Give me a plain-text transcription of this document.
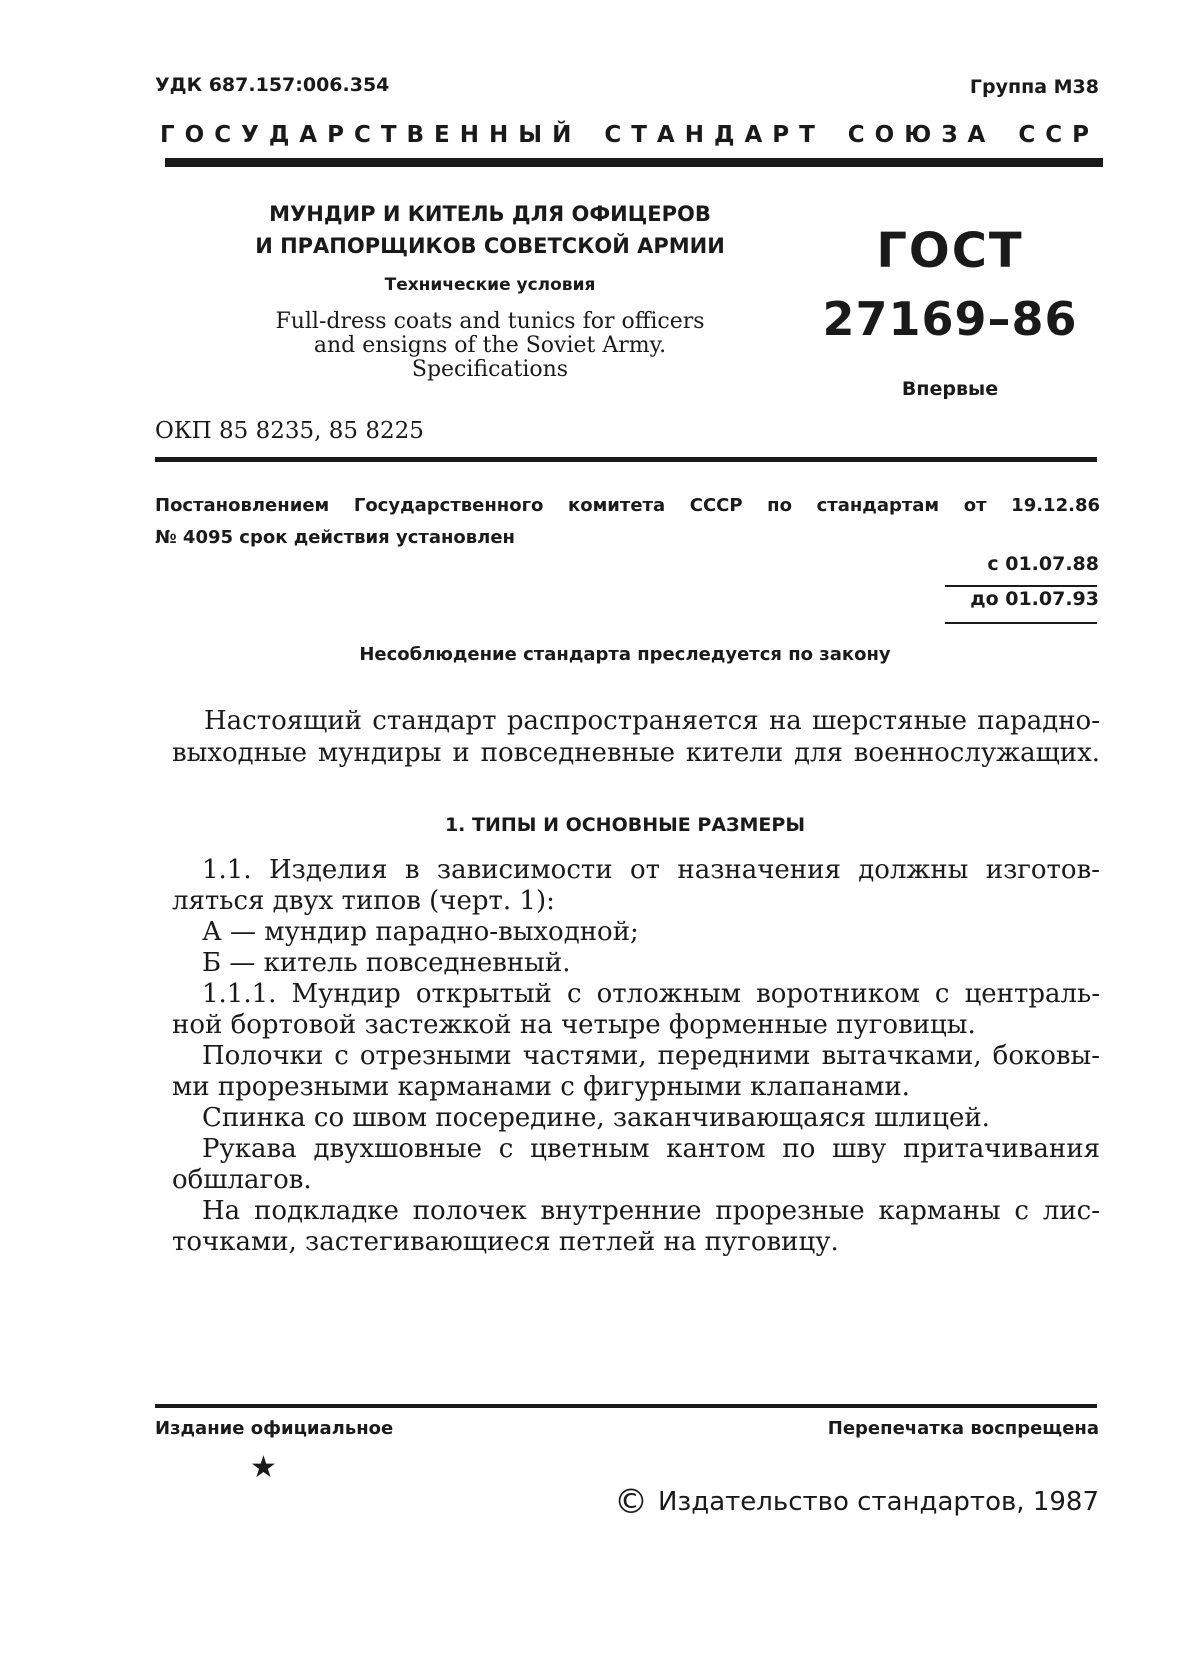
УДК 687.157:006.354	Группа М38
ГОСУДАРСТВЕННЫЙ СТАНДАРТ СОЮЗА ССР
МУНДИР И КИТЕЛЬ ДЛЯ ОФИЦЕРОВ
И ПРАПОРЩИКОВ СОВЕТСКОЙ АРМИИ
Технические условия
Full-dress coats and tunics for officers
and ensigns of the Soviet Army.
Specifications
ГОСТ
27169–86
Впервые
ОКП 85 8235, 85 8225
Постановлением Государственного комитета СССР по стандартам от 19.12.86
№ 4095 срок действия установлен
с 01.07.88
до 01.07.93
Несоблюдение стандарта преследуется по закону
Настоящий стандарт распространяется на шерстяные парадно-
выходные мундиры и повседневные кители для военнослужащих.
1. ТИПЫ И ОСНОВНЫЕ РАЗМЕРЫ

1.1. Изделия в зависимости от назначения должны изготов-

ляться двух типов (черт. 1):

А — мундир парадно-выходной;

Б — китель повседневный.

1.1.1. Мундир открытый с отложным воротником с централь-

ной бортовой застежкой на четыре форменные пуговицы.

Полочки с отрезными частями, передними вытачками, боковы-

ми прорезными карманами с фигурными клапанами.

Спинка со швом посередине, заканчивающаяся шлицей.

Рукава двухшовные с цветным кантом по шву притачивания

обшлагов.

На подкладке полочек внутренние прорезные карманы с лис-

точками, застегивающиеся петлей на пуговицу.

Издание официальное	Перепечатка воспрещена
★
© Издательство стандартов, 1987
